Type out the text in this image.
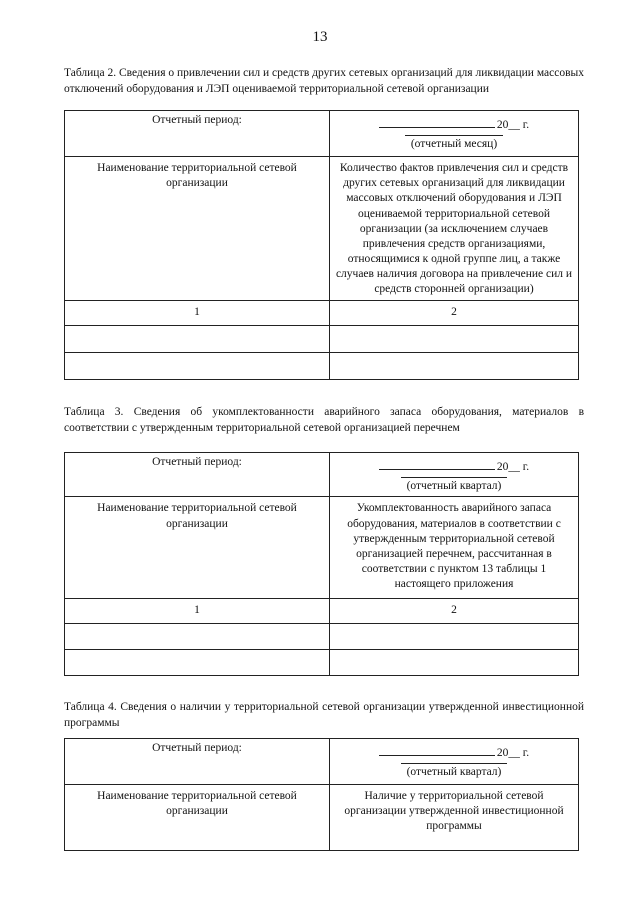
13
Таблица 2. Сведения о привлечении сил и средств других сетевых организаций для ликвидации массовых отключений оборудования и ЛЭП оцениваемой территориальной сетевой организации
Отчетный период:	20__ г.
(отчетный месяц)

Наименование территориальной сетевой организации	Количество фактов привлечения сил и средств других сетевых организаций для ликвидации массовых отключений оборудования и ЛЭП оцениваемой территориальной сетевой организации (за исключением случаев привлечения средств организациями, относящимися к одной группе лиц, а также случаев наличия договора на привлечение сил и средств сторонней организации)
1	2

Таблица 3. Сведения об укомплектованности аварийного запаса оборудования, материалов в соответствии с утвержденным территориальной сетевой организацией перечнем
Отчетный период:	20__ г.
(отчетный квартал)

Наименование территориальной сетевой организации	Укомплектованность аварийного запаса оборудования, материалов в соответствии с утвержденным территориальной сетевой организацией перечнем, рассчитанная в соответствии с пунктом 13 таблицы 1 настоящего приложения
1	2

Таблица 4. Сведения о наличии у территориальной сетевой организации утвержденной инвестиционной программы
Отчетный период:	20__ г.
(отчетный квартал)

Наименование территориальной сетевой организации	Наличие у территориальной сетевой организации утвержденной инвестиционной программы
